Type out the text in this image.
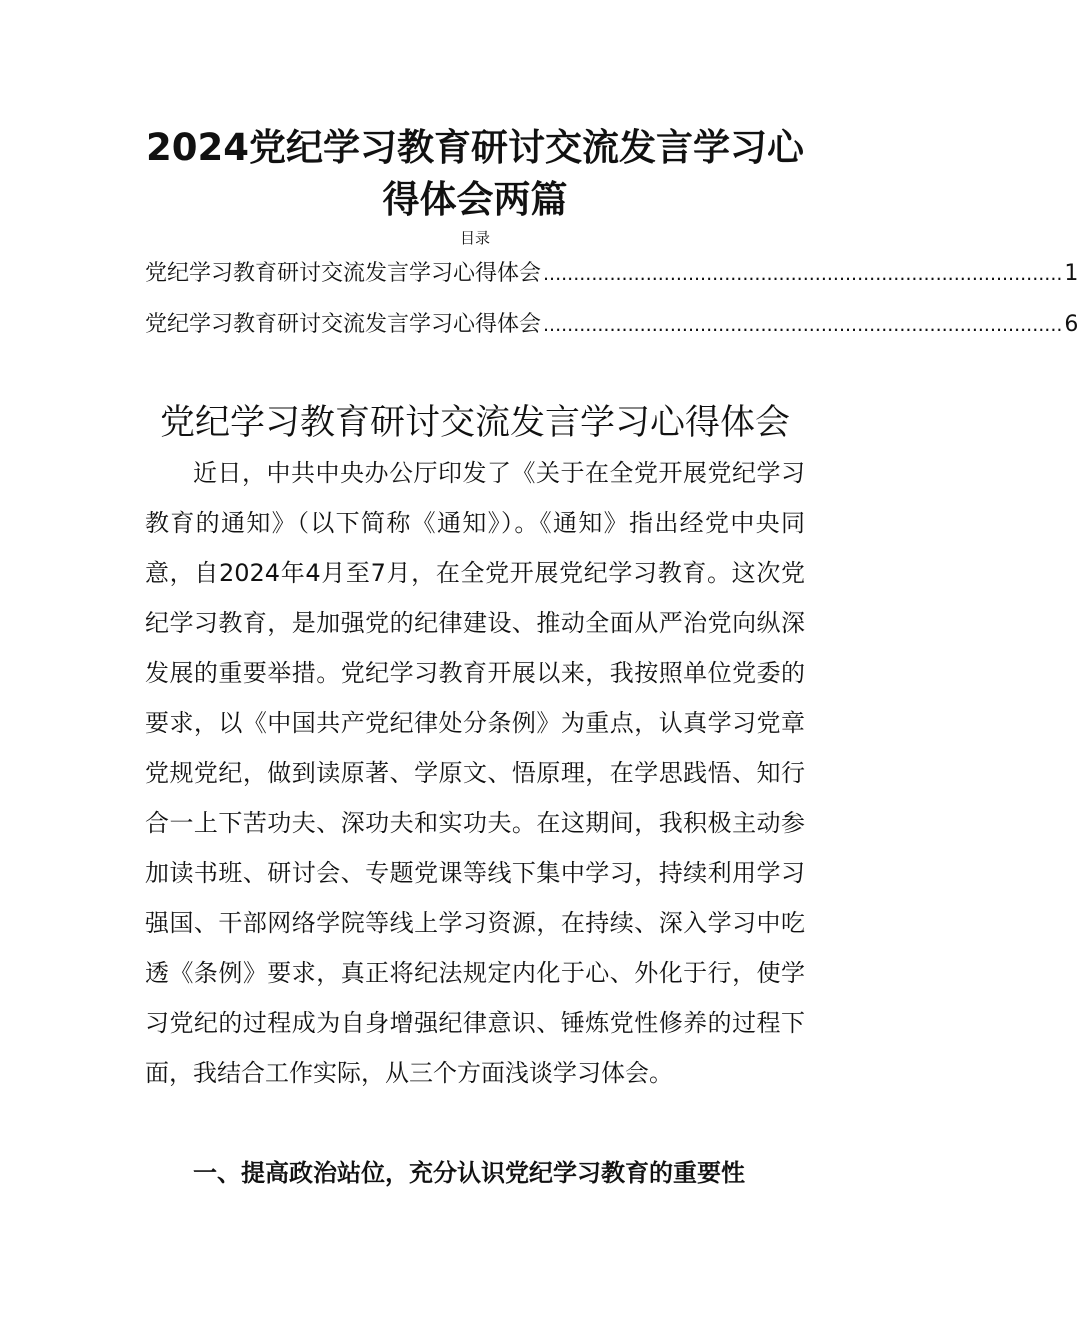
2024党纪学习教育研讨交流发言学习心得体会两篇
目录
党纪学习教育研讨交流发言学习心得体会 ...................................................................................... 1
党纪学习教育研讨交流发言学习心得体会 ...................................................................................... 6
党纪学习教育研讨交流发言学习心得体会

近日，中共中央办公厅印发了《关于在全党开展党纪学习教育的通知》（以下简称《通知》）。《通知》指出经党中央同意，自2024年4月至7月，在全党开展党纪学习教育。这次党纪学习教育，是加强党的纪律建设、推动全面从严治党向纵深发展的重要举措。党纪学习教育开展以来，我按照单位党委的要求，以《中国共产党纪律处分条例》为重点，认真学习党章党规党纪，做到读原著、学原文、悟原理，在学思践悟、知行合一上下苦功夫、深功夫和实功夫。在这期间，我积极主动参加读书班、研讨会、专题党课等线下集中学习，持续利用学习强国、干部网络学院等线上学习资源，在持续、深入学习中吃透《条例》要求，真正将纪法规定内化于心、外化于行，使学习党纪的过程成为自身增强纪律意识、锤炼党性修养的过程下面，我结合工作实际，从三个方面浅谈学习体会。

一、提高政治站位，充分认识党纪学习教育的重要性
